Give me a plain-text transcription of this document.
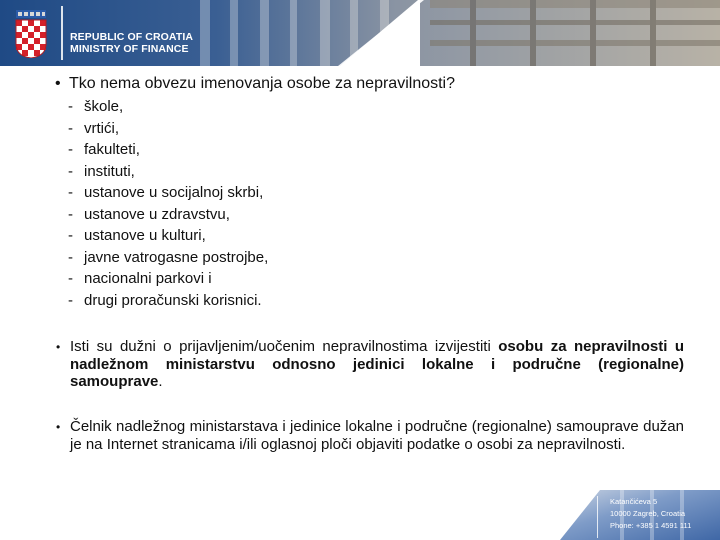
REPUBLIC OF CROATIA
MINISTRY OF FINANCE
• Tko nema obvezu imenovanja osobe za nepravilnosti?
- škole,
- vrtići,
- fakulteti,
- instituti,
- ustanove u socijalnoj skrbi,
- ustanove u zdravstvu,
- ustanove u kulturi,
- javne vatrogasne postrojbe,
- nacionalni parkovi i
- drugi proračunski korisnici.
• Isti su dužni o prijavljenim/uočenim nepravilnostima izvijestiti osobu za nepravilnosti u nadležnom ministarstvu odnosno jedinici lokalne i područne (regionalne) samouprave.
• Čelnik nadležnog ministarstava i jedinice lokalne i područne (regionalne) samouprave dužan je na Internet stranicama i/ili oglasnoj ploči objaviti podatke o osobi za nepravilnosti.
Katančićeva 5
10000 Zagreb, Croatia
Phone: +385 1 4591 111
